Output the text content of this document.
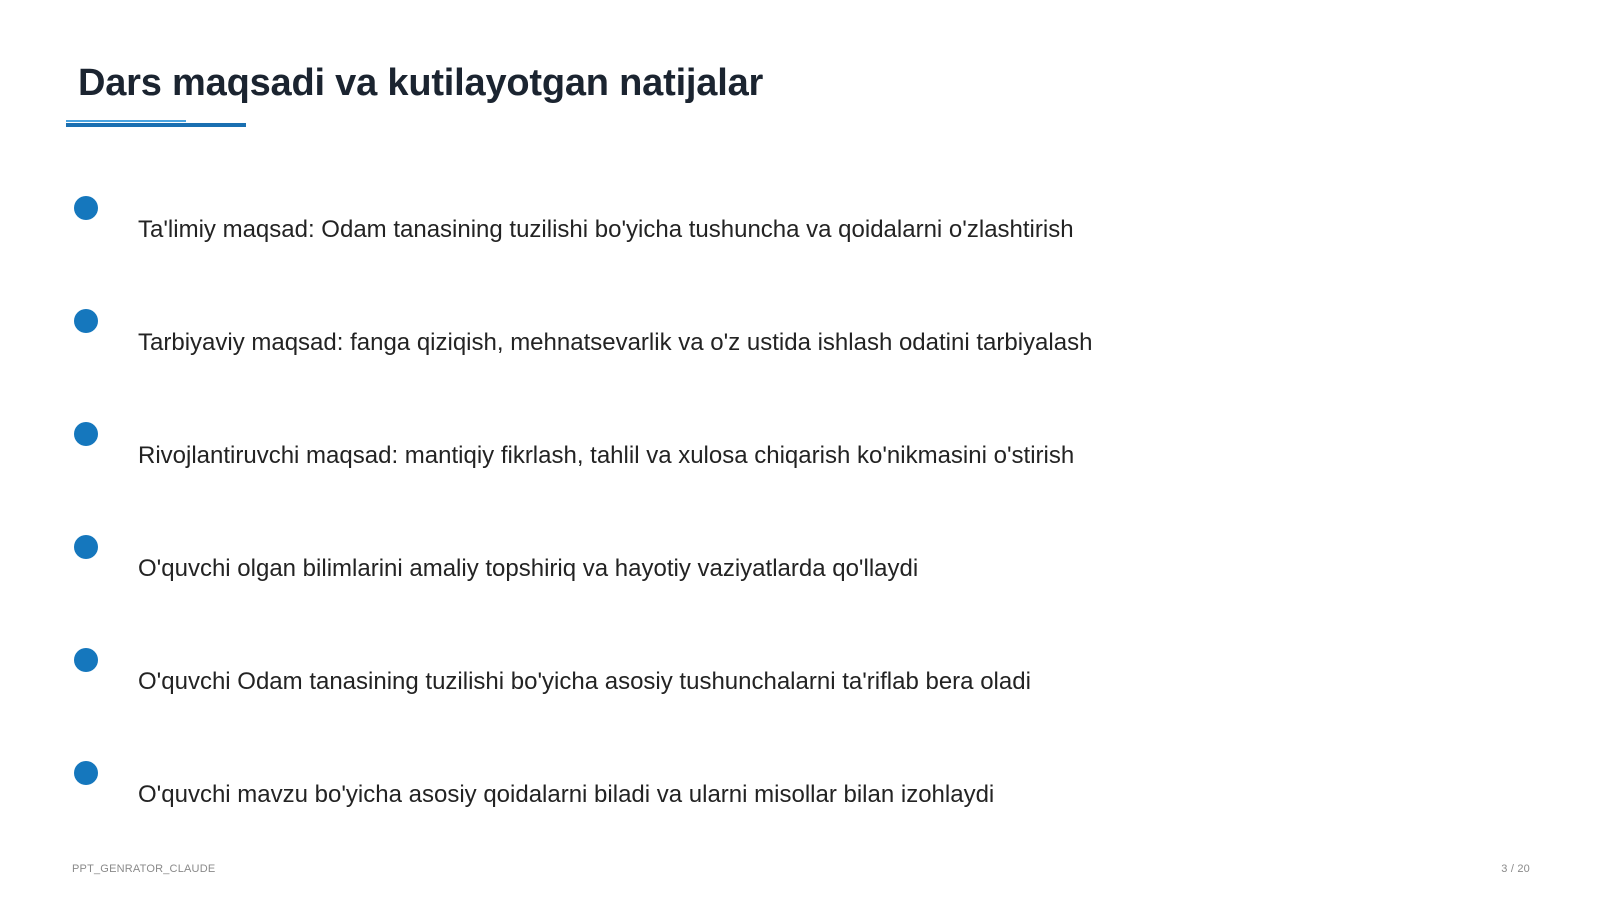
Dars maqsadi va kutilayotgan natijalar
Ta'limiy maqsad: Odam tanasining tuzilishi bo'yicha tushuncha va qoidalarni o'zlashtirish
Tarbiyaviy maqsad: fanga qiziqish, mehnatsevarlik va o'z ustida ishlash odatini tarbiyalash
Rivojlantiruvchi maqsad: mantiqiy fikrlash, tahlil va xulosa chiqarish ko'nikmasini o'stirish
O'quvchi olgan bilimlarini amaliy topshiriq va hayotiy vaziyatlarda qo'llaydi
O'quvchi Odam tanasining tuzilishi bo'yicha asosiy tushunchalarni ta'riflab bera oladi
O'quvchi mavzu bo'yicha asosiy qoidalarni biladi va ularni misollar bilan izohlaydi
PPT_GENRATOR_CLAUDE	3 / 20
